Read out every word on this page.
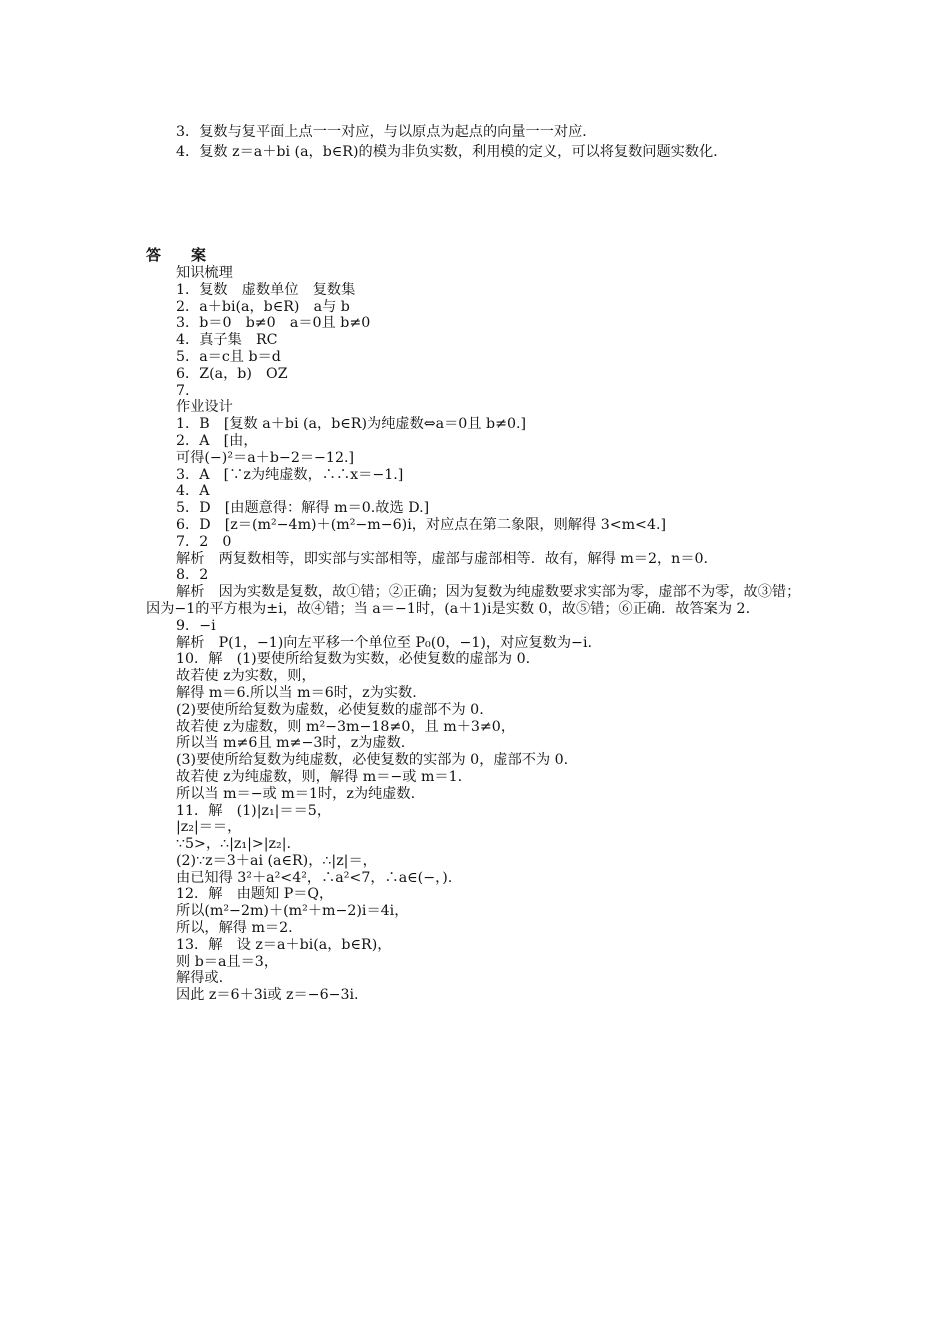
3．复数与复平面上点一一对应，与以原点为起点的向量一一对应．

4．复数 z＝a＋bi (a，b∈R)的模为非负实数，利用模的定义，可以将复数问题实数化．

答案

知识梳理

1．复数　虚数单位　复数集

2．a＋bi(a，b∈R)　a与 b

3．b＝0　b≠0　a＝0且 b≠0

4．真子集　RC

5．a＝c且 b＝d

6．Z(a，b)　OZ

7.

作业设计

1．B　[复数 a＋bi (a，b∈R)为纯虚数⇔a＝0且 b≠0.]

2．A　[由，

可得(−)²＝a＋b−2＝−12.]

3．A　[∵z为纯虚数，∴∴x＝−1.]

4．A

5．D　[由题意得：解得 m＝0.故选 D.]

6．D　[z＝(m²−4m)＋(m²−m−6)i，对应点在第二象限，则解得 3<m<4.]

7．2　0

解析　两复数相等，即实部与实部相等，虚部与虚部相等．故有，解得 m＝2，n＝0.

8．2

解析　因为实数是复数，故①错；②正确；因为复数为纯虚数要求实部为零，虚部不为零，故③错；因为−1的平方根为±i，故④错；当 a＝−1时，(a＋1)i是实数 0，故⑤错；⑥正确．故答案为 2.

9．−i

解析　P(1，−1)向左平移一个单位至 P₀(0，−1)，对应复数为−i.

10．解　(1)要使所给复数为实数，必使复数的虚部为 0.

故若使 z为实数，则，

解得 m＝6.所以当 m＝6时，z为实数.

(2)要使所给复数为虚数，必使复数的虚部不为 0.

故若使 z为虚数，则 m²−3m−18≠0，且 m＋3≠0，

所以当 m≠6且 m≠−3时，z为虚数.

(3)要使所给复数为纯虚数，必使复数的实部为 0，虚部不为 0.

故若使 z为纯虚数，则，解得 m＝−或 m＝1.

所以当 m＝−或 m＝1时，z为纯虚数.

11．解　(1)|z₁|＝＝5，

|z₂|＝＝，

∵5>，∴|z₁|>|z₂|.

(2)∵z＝3＋ai (a∈R)，∴|z|＝，

由已知得 3²＋a²<4²，∴a²<7，∴a∈(−，).

12．解　由题知 P＝Q，

所以(m²−2m)＋(m²＋m−2)i＝4i，

所以，解得 m＝2.

13．解　设 z＝a＋bi(a，b∈R)，

则 b＝a且＝3，

解得或.

因此 z＝6＋3i或 z＝−6−3i.
